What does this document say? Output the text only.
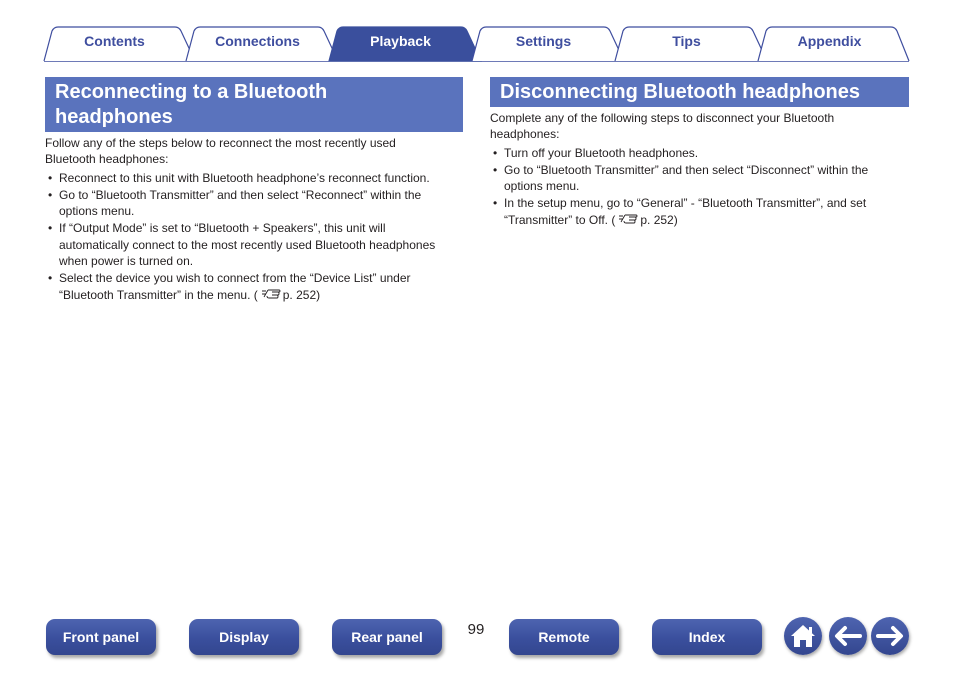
Contents	Connections	Playback	Settings	Tips	Appendix
Reconnecting to a Bluetooth
headphones

Follow any of the steps below to reconnect the most recently used

Bluetooth headphones:

• Reconnect to this unit with Bluetooth headphone’s reconnect function.
• Go to “Bluetooth Transmitter” and then select “Reconnect” within the
options menu.
• If “Output Mode” is set to “Bluetooth + Speakers”, this unit will
automatically connect to the most recently used Bluetooth headphones
when power is turned on.
• Select the device you wish to connect from the “Device List” under
“Bluetooth Transmitter” in the menu. ( p. 252)
Disconnecting Bluetooth headphones

Complete any of the following steps to disconnect your Bluetooth

headphones:

• Turn off your Bluetooth headphones.
• Go to “Bluetooth Transmitter” and then select “Disconnect” within the
options menu.
• In the setup menu, go to “General” - “Bluetooth Transmitter”, and set
“Transmitter” to Off. ( p. 252)
Front panel	Display	Rear panel	99	Remote	Index
